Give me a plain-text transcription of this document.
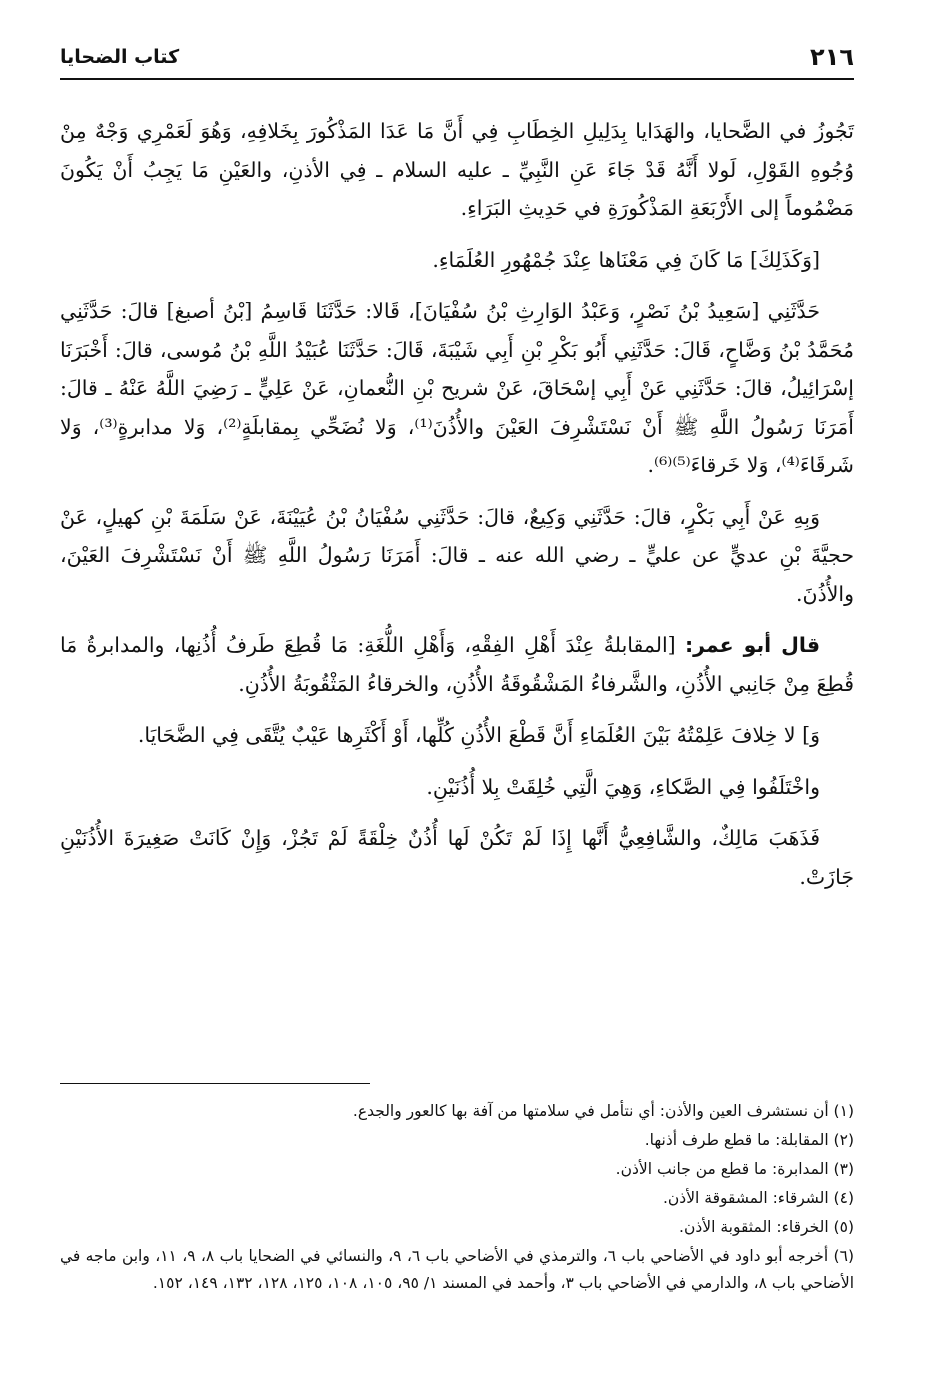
٢١٦
كتاب الضحايا

تَجُوزُ في الضَّحايا، والهَدَايا بِدَلِيلِ الخِطَابِ فِي أَنَّ مَا عَدَا المَذْكُورَ بِخَلافِهِ، وَهُوَ لَعَمْرِي وَجْهٌ مِنْ وُجُوهِ القَوْلِ، لَولا أَنَّهُ قَدْ جَاءَ عَنِ النَّبِيِّ ـ عليه السلام ـ فِي الأذنِ، والعَيْنِ مَا يَجِبُ أَنْ يَكُونَ مَضْمُوماً إلى الأَرْبَعَةِ المَذْكُورَةِ في حَدِيثِ البَرَاءِ.

[وَكَذَلِكَ] مَا كَانَ فِي مَعْنَاها عِنْدَ جُمْهُورِ العُلَمَاءِ.

حَدَّثَنِي [سَعِيدُ بْنُ نَصْرٍ، وَعَبْدُ الوَارِثِ بْنُ سُفْيَانَ]، قَالا: حَدَّثَنَا قَاسِمُ [بْنُ أصبغ] قالَ: حَدَّثَنِي مُحَمَّدُ بْنُ وَضَّاحٍ، قَالَ: حَدَّثَنِي أَبُو بَكْرِ بْنِ أَبِي شَيْبَةَ، قَالَ: حَدَّثَنَا عُبَيْدُ اللَّهِ بْنُ مُوسى، قالَ: أَخْبَرَنَا إسْرَائِيلُ، قالَ: حَدَّثَنِي عَنْ أَبِي إسْحَاقَ، عَنْ شريح بْنِ النُّعمانِ، عَنْ عَلِيٍّ ـ رَضِيَ اللَّهُ عَنْهُ ـ قالَ: أَمَرَنَا رَسُولُ اللَّهِ ﷺ أَنْ نَسْتَشْرِفَ العَيْنَ والأُذُنَ⁽¹⁾، وَلا نُضَحِّي بِمقابلَةٍ⁽²⁾، وَلا مدابرةٍ⁽³⁾، وَلا شَرقَاءَ⁽⁴⁾، وَلا خَرقاءَ⁽⁵⁾⁽⁶⁾.

وَبِهِ عَنْ أَبِي بَكْرٍ، قالَ: حَدَّثَنِي وَكِيعٌ، قالَ: حَدَّثَنِي سُفْيَانُ بْنُ عُيَيْنَةَ، عَنْ سَلَمَةَ بْنِ كهيلٍ، عَنْ حجيَّةَ بْنِ عديٍّ عن عليٍّ ـ رضي الله عنه ـ قالَ: أَمَرَنَا رَسُولُ اللَّهِ ﷺ أَنْ نَسْتَشْرِفَ العَيْنَ، والأُذُنَ.

قال أبو عمر: [المقابلةُ عِنْدَ أَهْلِ الفِقْهِ، وَأَهْلِ اللُّغَةِ: مَا قُطِعَ طَرفُ أُذُنِها، والمدابرةُ مَا قُطِعَ مِنْ جَانِبي الأُذُنِ، والشَّرفاءُ المَشْقُوقَةُ الأُذُنِ، والخرقاءُ المَثْقُوبَةُ الأُذُنِ.

وَ] لا خِلافَ عَلِمْتُهُ بَيْنَ العُلَمَاءِ أَنَّ قَطْعَ الأُذُنِ كُلِّها، أَوْ أَكْثَرِها عَيْبٌ يُتَّقَى فِي الضَّحَايَا.

واخْتَلَفُوا فِي الصَّكاءِ، وَهِيَ الَّتِي خُلِقَتْ بِلا أُذُنَيْنِ.

فَذَهَبَ مَالِكٌ، والشَّافِعِيُّ أَنَّها إِذَا لَمْ تَكُنْ لَها أُذُنٌ خِلْقَةً لَمْ تَجُزْ، وَإِنْ كَانَتْ صَغِيرَةَ الأُذُنَيْنِ جَازَتْ.

(١) أن نستشرف العين والأذن: أي نتأمل في سلامتها من آفة بها كالعور والجدع.

(٢) المقابلة: ما قطع طرف أذنها.

(٣) المدابرة: ما قطع من جانب الأذن.

(٤) الشرقاء: المشقوقة الأذن.

(٥) الخرقاء: المثقوبة الأذن.

(٦) أخرجه أبو داود في الأضاحي باب ٦، والترمذي في الأضاحي باب ٦، ٩، والنسائي في الضحايا باب ٨، ٩، ١١، وابن ماجه في الأضاحي باب ٨، والدارمي في الأضاحي باب ٣، وأحمد في المسند ١/ ٩٥، ١٠٥، ١٠٨، ١٢٥، ١٢٨، ١٣٢، ١٤٩، ١٥٢.
